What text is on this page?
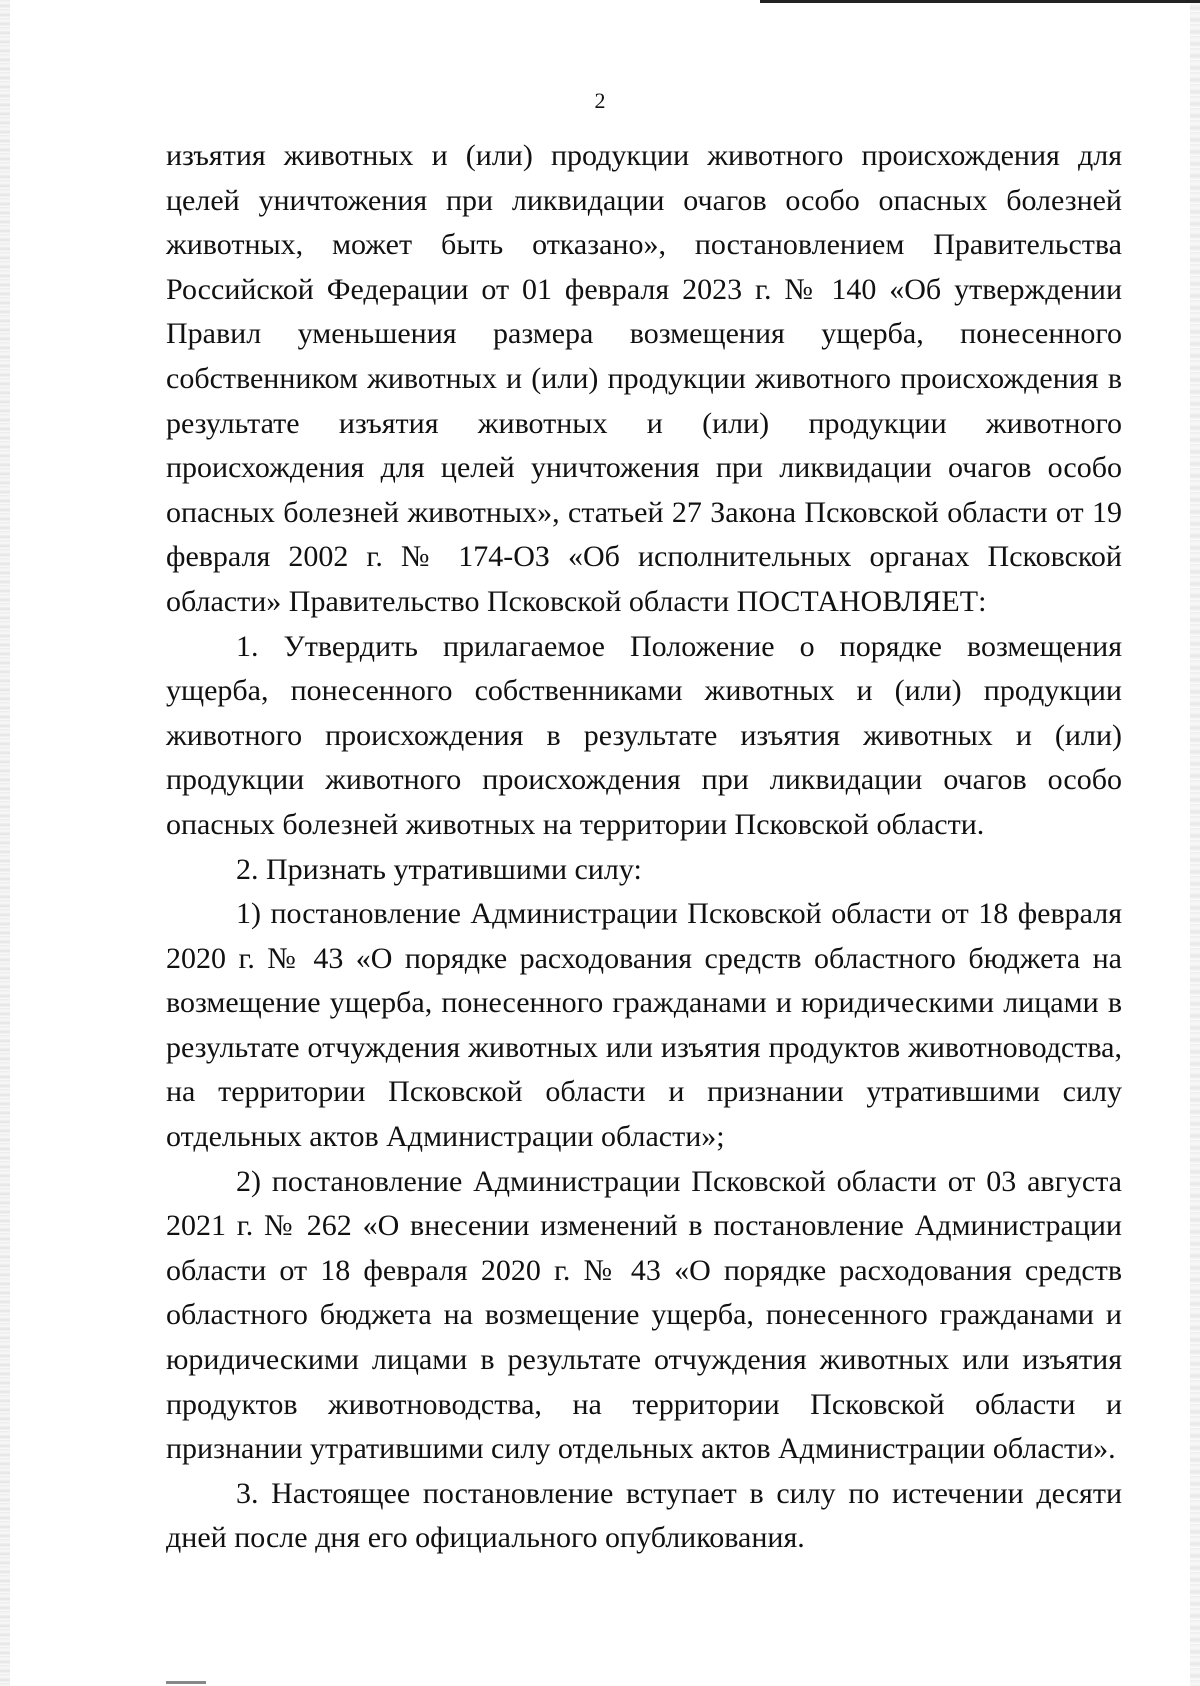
2

изъятия животных и (или) продукции животного происхождения для целей уничтожения при ликвидации очагов особо опасных болезней животных, может быть отказано», постановлением Правительства Российской Федерации от 01 февраля 2023 г. № 140 «Об утверждении Правил уменьшения размера возмещения ущерба, понесенного собственником животных и (или) продукции животного происхождения в результате изъятия животных и (или) продукции животного происхождения для целей уничтожения при ликвидации очагов особо опасных болезней животных», статьей 27 Закона Псковской области от 19 февраля 2002 г. № 174-ОЗ «Об исполнительных органах Псковской области» Правительство Псковской области ПОСТАНОВЛЯЕТ:

1. Утвердить прилагаемое Положение о порядке возмещения ущерба, понесенного собственниками животных и (или) продукции животного происхождения в результате изъятия животных и (или) продукции животного происхождения при ликвидации очагов особо опасных болезней животных на территории Псковской области.

2. Признать утратившими силу:

1) постановление Администрации Псковской области от 18 февраля 2020 г. № 43 «О порядке расходования средств областного бюджета на возмещение ущерба, понесенного гражданами и юридическими лицами в результате отчуждения животных или изъятия продуктов животноводства, на территории Псковской области и признании утратившими силу отдельных актов Администрации области»;

2) постановление Администрации Псковской области от 03 августа 2021 г. № 262 «О внесении изменений в постановление Администрации области от 18 февраля 2020 г. № 43 «О порядке расходования средств областного бюджета на возмещение ущерба, понесенного гражданами и юридическими лицами в результате отчуждения животных или изъятия продуктов животноводства, на территории Псковской области и признании утратившими силу отдельных актов Администрации области».

3. Настоящее постановление вступает в силу по истечении десяти дней после дня его официального опубликования.
